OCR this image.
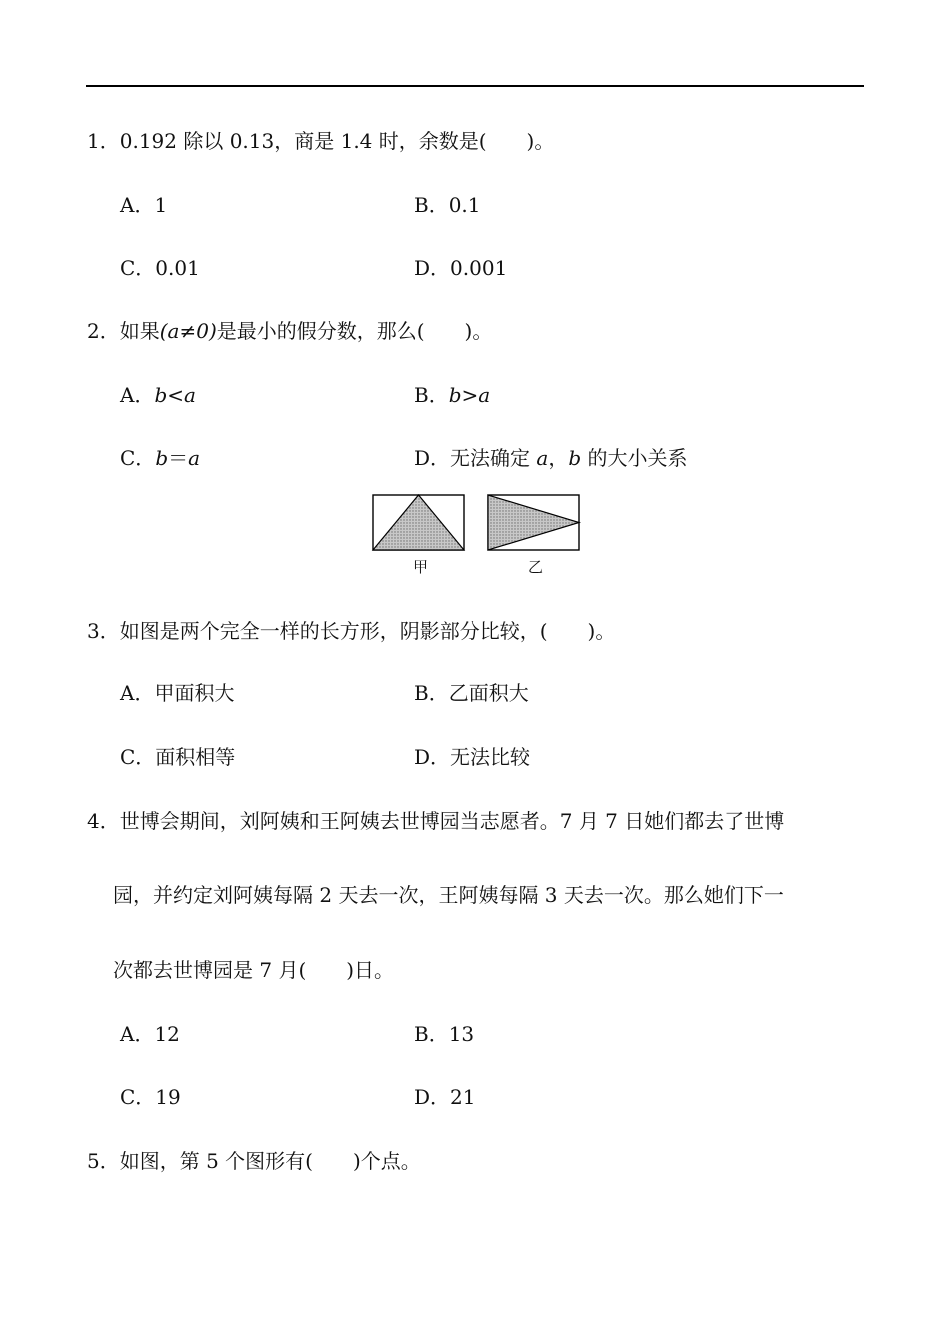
1．0.192 除以 0.13，商是 1.4 时，余数是(　　)。
A．1	B．0.1
C．0.01	D．0.001
2．如果(a≠0)是最小的假分数，那么(　　)。
A．b<a	B．b>a
C．b＝a	D．无法确定 a，b 的大小关系
甲	乙
3．如图是两个完全一样的长方形，阴影部分比较，(　　)。
A．甲面积大	B．乙面积大
C．面积相等	D．无法比较
4．世博会期间，刘阿姨和王阿姨去世博园当志愿者。7 月 7 日她们都去了世博
园，并约定刘阿姨每隔 2 天去一次，王阿姨每隔 3 天去一次。那么她们下一
次都去世博园是 7 月(　　)日。
A．12	B．13
C．19	D．21
5．如图，第 5 个图形有(　　)个点。
